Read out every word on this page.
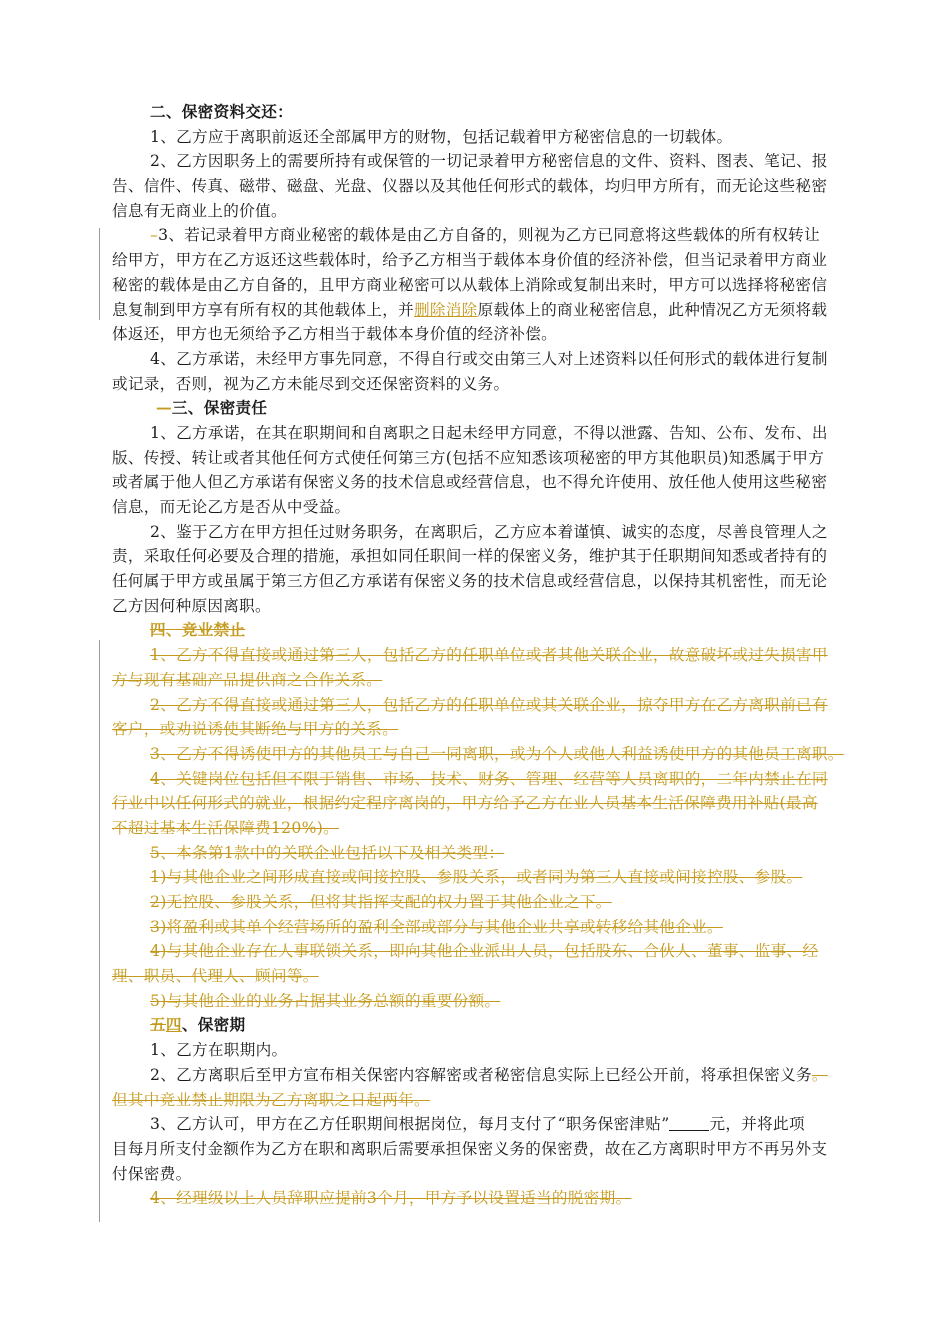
二、保密资料交还：
1、乙方应于离职前返还全部属甲方的财物，包括记载着甲方秘密信息的一切载体。
2、乙方因职务上的需要所持有或保管的一切记录着甲方秘密信息的文件、资料、图表、笔记、报
告、信件、传真、磁带、磁盘、光盘、仪器以及其他任何形式的载体，均归甲方所有，而无论这些秘密
信息有无商业上的价值。
–3、若记录着甲方商业秘密的载体是由乙方自备的，则视为乙方已同意将这些载体的所有权转让
给甲方，甲方在乙方返还这些载体时，给予乙方相当于载体本身价值的经济补偿，但当记录着甲方商业
秘密的载体是由乙方自备的，且甲方商业秘密可以从载体上消除或复制出来时，甲方可以选择将秘密信
息复制到甲方享有所有权的其他载体上，并删除消除原载体上的商业秘密信息，此种情况乙方无须将载
体返还，甲方也无须给予乙方相当于载体本身价值的经济补偿。
4、乙方承诺，未经甲方事先同意，不得自行或交由第三人对上述资料以任何形式的载体进行复制
或记录，否则，视为乙方未能尽到交还保密资料的义务。
—三、保密责任
1、乙方承诺，在其在职期间和自离职之日起未经甲方同意，不得以泄露、告知、公布、发布、出
版、传授、转让或者其他任何方式使任何第三方(包括不应知悉该项秘密的甲方其他职员)知悉属于甲方
或者属于他人但乙方承诺有保密义务的技术信息或经营信息，也不得允许使用、放任他人使用这些秘密
信息，而无论乙方是否从中受益。
2、鉴于乙方在甲方担任过财务职务，在离职后，乙方应本着谨慎、诚实的态度，尽善良管理人之
责，采取任何必要及合理的措施，承担如同任职间一样的保密义务，维护其于任职期间知悉或者持有的
任何属于甲方或虽属于第三方但乙方承诺有保密义务的技术信息或经营信息，以保持其机密性，而无论
乙方因何种原因离职。
四、竞业禁止
1、乙方不得直接或通过第三人，包括乙方的任职单位或者其他关联企业，故意破坏或过失损害甲
方与现有基础产品提供商之合作关系。
2、乙方不得直接或通过第三人，包括乙方的任职单位或其关联企业，掠夺甲方在乙方离职前已有
客户，或劝说诱使其断绝与甲方的关系。
3、乙方不得诱使甲方的其他员工与自己一同离职，或为个人或他人利益诱使甲方的其他员工离职。
4、关键岗位包括但不限于销售、市场、技术、财务、管理、经营等人员离职的，二年内禁止在同
行业中以任何形式的就业，根据约定程序离岗的，甲方给予乙方在业人员基本生活保障费用补贴(最高
不超过基本生活保障费120%)。
5、本条第1款中的关联企业包括以下及相关类型：
1)与其他企业之间形成直接或间接控股、参股关系，或者同为第三人直接或间接控股、参股。
2)无控股、参股关系，但将其指挥支配的权力置于其他企业之下。
3)将盈利或其单个经营场所的盈利全部或部分与其他企业共享或转移给其他企业。
4)与其他企业存在人事联锁关系，即向其他企业派出人员，包括股东、合伙人、董事、监事、经
理、职员、代理人、顾问等。
5)与其他企业的业务占据其业务总额的重要份额。
五四、保密期
1、乙方在职期内。
2、乙方离职后至甲方宣布相关保密内容解密或者秘密信息实际上已经公开前，将承担保密义务。
但其中竞业禁止期限为乙方离职之日起两年。
3、乙方认可，甲方在乙方任职期间根据岗位，每月支付了“职务保密津贴”	元，并将此项
目每月所支付金额作为乙方在职和离职后需要承担保密义务的保密费，故在乙方离职时甲方不再另外支
付保密费。
4、经理级以上人员辞职应提前3个月，甲方予以设置适当的脱密期。
